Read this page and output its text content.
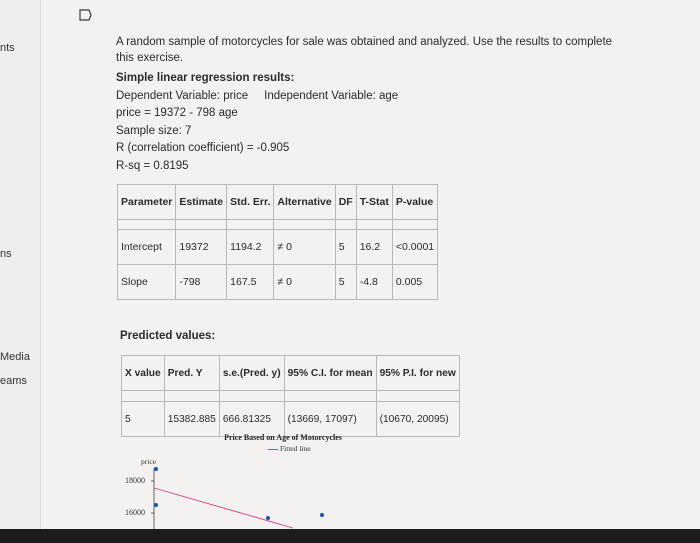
nts
ns
Media
eams
A random sample of motorcycles for sale was obtained and analyzed. Use the results to complete this exercise.
Simple linear regression results:
Dependent Variable: price Independent Variable: age
price = 19372 - 798 age
Sample size: 7
R (correlation coefficient) = -0.905
R-sq = 0.8195
Parameter	Estimate	Std. Err.	Alternative	DF	T-Stat	P-value

Intercept	19372	1194.2	≠ 0	5	16.2	<0.0001
Slope	-798	167.5	≠ 0	5	-4.8	0.005
Predicted values:
X value	Pred. Y	s.e.(Pred. y)	95% C.I. for mean	95% P.I. for new

5	15382.885	666.81325	(13669, 17097)	(10670, 20095)
Price Based on Age of Motorcycles
Fitted line
price
18000
16000
